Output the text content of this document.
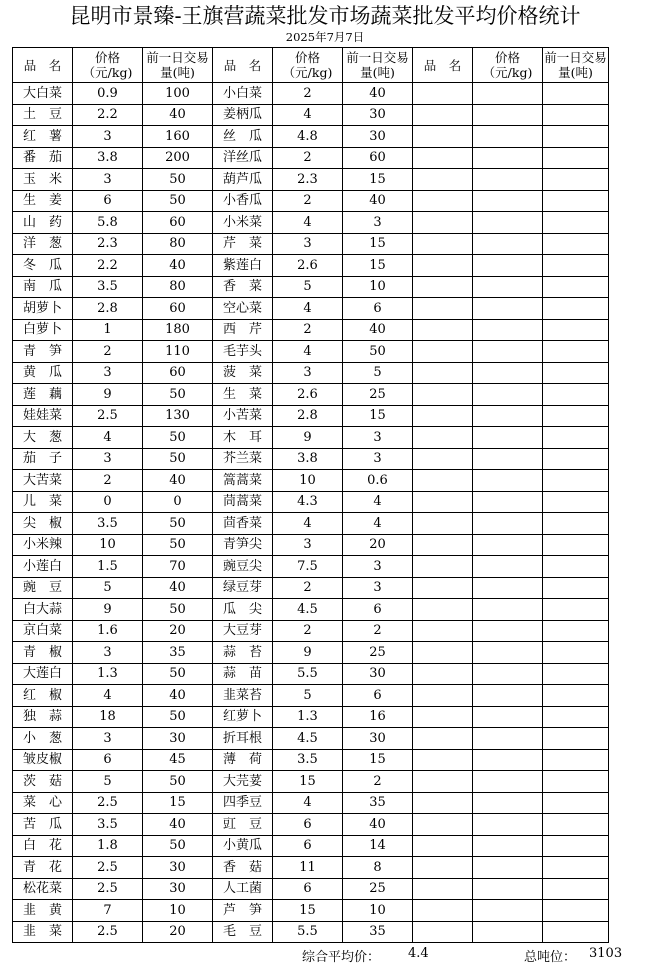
昆明市景臻-王旗营蔬菜批发市场蔬菜批发平均价格统计
2025年7月7日
品　名	价格（元/kg)	前一日交易量(吨)	品　名	价格（元/kg)	前一日交易量(吨)	品　名	价格（元/kg)	前一日交易量(吨)
大白菜	0.9	100	小白菜	2	40			
土　豆	2.2	40	姜柄瓜	4	30			
红　薯	3	160	丝　瓜	4.8	30			
番　茄	3.8	200	洋丝瓜	2	60			
玉　米	3	50	葫芦瓜	2.3	15			
生　姜	6	50	小香瓜	2	40			
山　药	5.8	60	小米菜	4	3			
洋　葱	2.3	80	芹　菜	3	15			
冬　瓜	2.2	40	紫莲白	2.6	15			
南　瓜	3.5	80	香　菜	5	10			
胡萝卜	2.8	60	空心菜	4	6			
白萝卜	1	180	西　芹	2	40			
青　笋	2	110	毛芋头	4	50			
黄　瓜	3	60	菠　菜	3	5			
莲　藕	9	50	生　菜	2.6	25			
娃娃菜	2.5	130	小苦菜	2.8	15			
大　葱	4	50	木　耳	9	3			
茄　子	3	50	芥兰菜	3.8	3			
大苦菜	2	40	篙蒿菜	10	0.6			
儿　菜	0	0	茼蒿菜	4.3	4			
尖　椒	3.5	50	茴香菜	4	4			
小米辣	10	50	青笋尖	3	20			
小莲白	1.5	70	豌豆尖	7.5	3			
豌　豆	5	40	绿豆芽	2	3			
白大蒜	9	50	瓜　尖	4.5	6			
京白菜	1.6	20	大豆芽	2	2			
青　椒	3	35	蒜　苔	9	25			
大莲白	1.3	50	蒜　苗	5.5	30			
红　椒	4	40	韭菜苔	5	6			
独　蒜	18	50	红萝卜	1.3	16			
小　葱	3	30	折耳根	4.5	30			
皱皮椒	6	45	薄　荷	3.5	15			
茨　菇	5	50	大芫荽	15	2			
菜　心	2.5	15	四季豆	4	35			
苦　瓜	3.5	40	豇　豆	6	40			
白　花	1.8	50	小黄瓜	6	14			
青　花	2.5	30	香　菇	11	8			
松花菜	2.5	30	人工菌	6	25			
韭　黄	7	10	芦　笋	15	10			
韭　菜	2.5	20	毛　豆	5.5	35			
综合平均价： 4.4	总吨位： 3103
